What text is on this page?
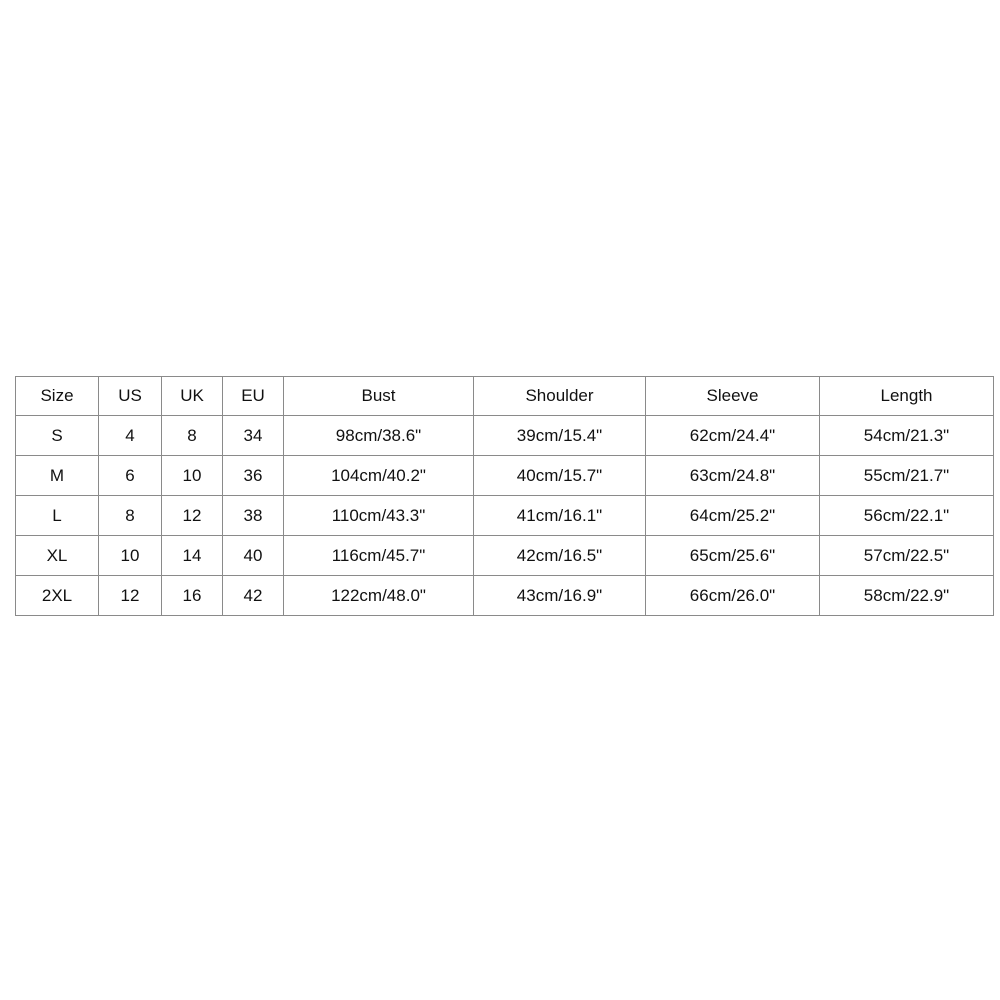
Size	US	UK	EU	Bust	Shoulder	Sleeve	Length
S	4	8	34	98cm/38.6"	39cm/15.4"	62cm/24.4"	54cm/21.3"
M	6	10	36	104cm/40.2"	40cm/15.7"	63cm/24.8"	55cm/21.7"
L	8	12	38	110cm/43.3"	41cm/16.1"	64cm/25.2"	56cm/22.1"
XL	10	14	40	116cm/45.7"	42cm/16.5"	65cm/25.6"	57cm/22.5"
2XL	12	16	42	122cm/48.0"	43cm/16.9"	66cm/26.0"	58cm/22.9"
